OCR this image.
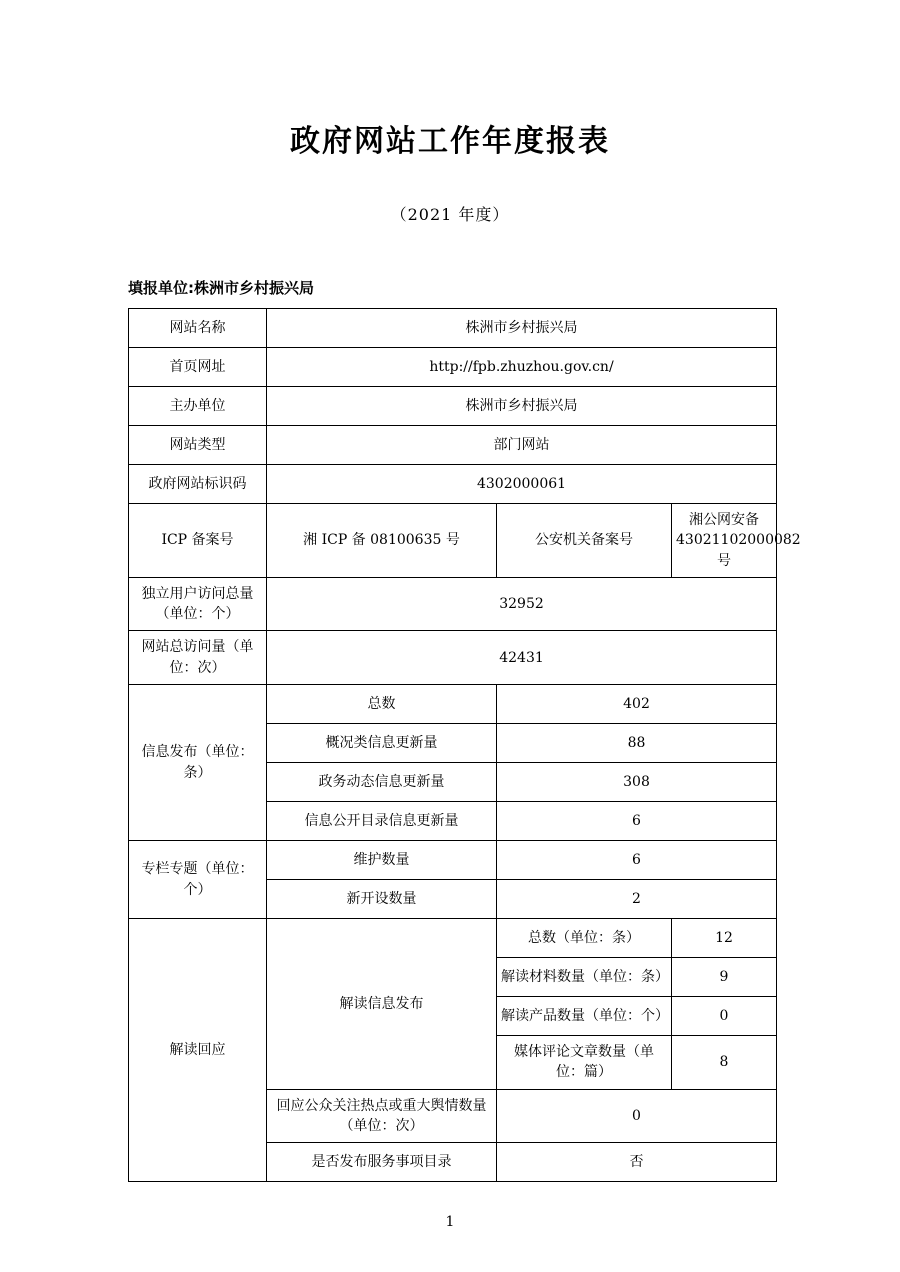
政府网站工作年度报表
（2021 年度）
填报单位:株洲市乡村振兴局
网站名称	株洲市乡村振兴局		
首页网址	http://fpb.zhuzhou.gov.cn/		
主办单位	株洲市乡村振兴局		
网站类型	部门网站		
政府网站标识码	4302000061		
ICP 备案号	湘 ICP 备 08100635 号	公安机关备案号	湘公网安备 43021102000082 号
独立用户访问总量（单位：个）	32952		
网站总访问量（单位：次）	42431		
信息发布（单位：条）	总数	402	
	概况类信息更新量	88	
	政务动态信息更新量	308	
	信息公开目录信息更新量	6	
专栏专题（单位：个）	维护数量	6	
	新开设数量	2	
解读回应	解读信息发布	总数（单位：条）	12
		解读材料数量（单位：条）	9
		解读产品数量（单位：个）	0
		媒体评论文章数量（单位：篇）	8
	回应公众关注热点或重大舆情数量（单位：次）	0	
	是否发布服务事项目录	否	
1
